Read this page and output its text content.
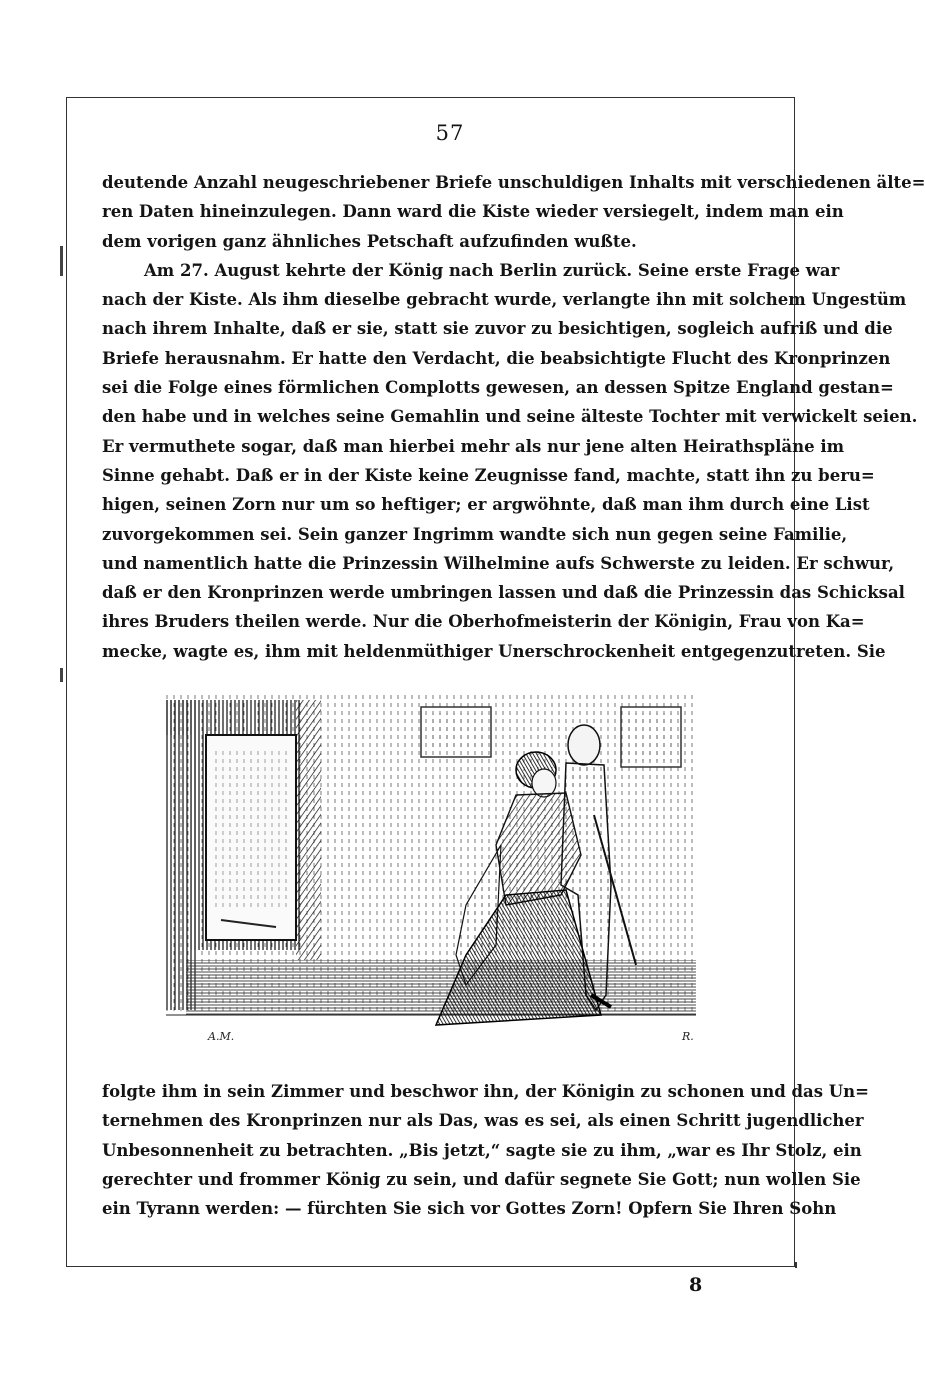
57
deutende Anzahl neugeschriebener Briefe unschuldigen Inhalts mit verschiedenen älte=
ren Daten hineinzulegen. Dann ward die Kiste wieder versiegelt, indem man ein
dem vorigen ganz ähnliches Petschaft aufzufinden wußte.
Am 27. August kehrte der König nach Berlin zurück. Seine erste Frage war
nach der Kiste. Als ihm dieselbe gebracht wurde, verlangte ihn mit solchem Ungestüm
nach ihrem Inhalte, daß er sie, statt sie zuvor zu besichtigen, sogleich aufriß und die
Briefe herausnahm. Er hatte den Verdacht, die beabsichtigte Flucht des Kronprinzen
sei die Folge eines förmlichen Complotts gewesen, an dessen Spitze England gestan=
den habe und in welches seine Gemahlin und seine älteste Tochter mit verwickelt seien.
Er vermuthete sogar, daß man hierbei mehr als nur jene alten Heirathspläne im
Sinne gehabt. Daß er in der Kiste keine Zeugnisse fand, machte, statt ihn zu beru=
higen, seinen Zorn nur um so heftiger; er argwöhnte, daß man ihm durch eine List
zuvorgekommen sei. Sein ganzer Ingrimm wandte sich nun gegen seine Familie,
und namentlich hatte die Prinzessin Wilhelmine aufs Schwerste zu leiden. Er schwur,
daß er den Kronprinzen werde umbringen lassen und daß die Prinzessin das Schicksal
ihres Bruders theilen werde. Nur die Oberhofmeisterin der Königin, Frau von Ka=
mecke, wagte es, ihm mit heldenmüthiger Unerschrockenheit entgegenzutreten. Sie
A.M.	R.
folgte ihm in sein Zimmer und beschwor ihn, der Königin zu schonen und das Un=
ternehmen des Kronprinzen nur als Das, was es sei, als einen Schritt jugendlicher
Unbesonnenheit zu betrachten. „Bis jetzt,“ sagte sie zu ihm, „war es Ihr Stolz, ein
gerechter und frommer König zu sein, und dafür segnete Sie Gott; nun wollen Sie
ein Tyrann werden: — fürchten Sie sich vor Gottes Zorn! Opfern Sie Ihren Sohn
8
